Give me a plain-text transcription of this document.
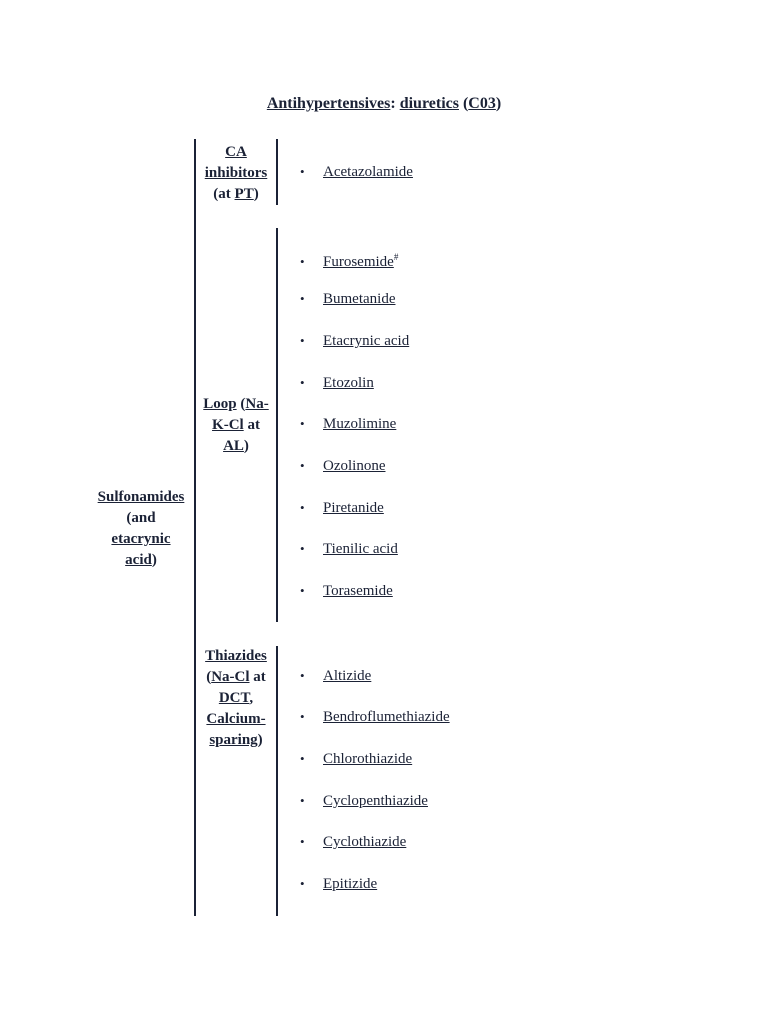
Antihypertensives: diuretics (C03)
Sulfonamides
(and
etacrynic
acid)
CA
inhibitors
(at PT)
Loop (Na-
K-Cl at
AL)
Thiazides
(Na-Cl at
DCT,
Calcium-
sparing)
• Acetazolamide
• Furosemide#
• Bumetanide
• Etacrynic acid
• Etozolin
• Muzolimine
• Ozolinone
• Piretanide
• Tienilic acid
• Torasemide
• Altizide
• Bendroflumethiazide
• Chlorothiazide
• Cyclopenthiazide
• Cyclothiazide
• Epitizide
